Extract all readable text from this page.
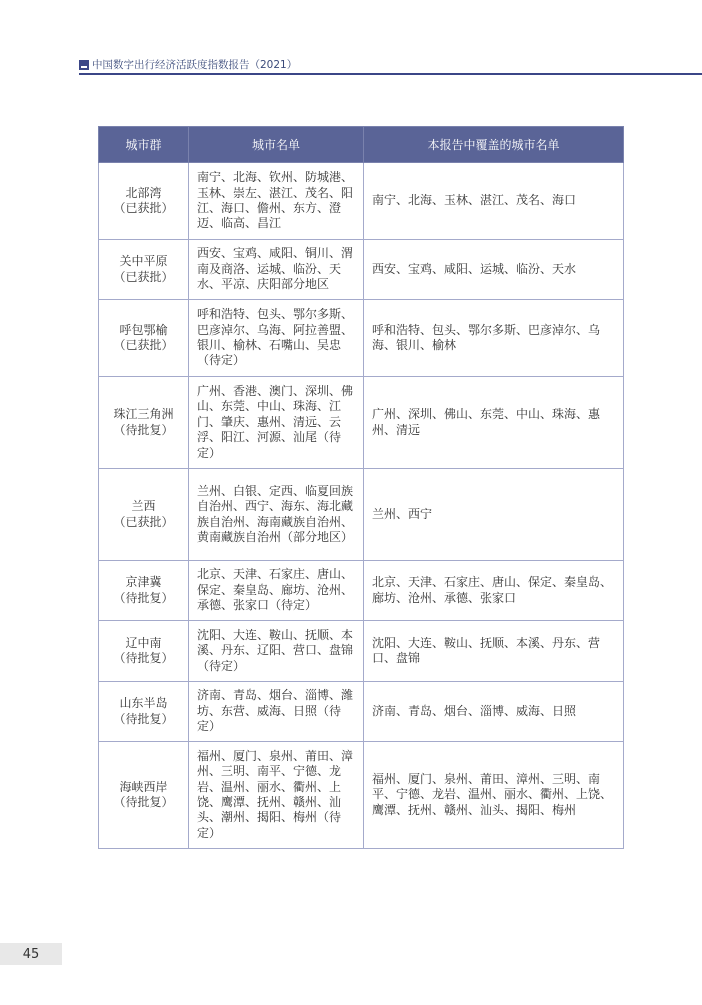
中国数字出行经济活跃度指数报告（2021）
城市群	城市名单	本报告中覆盖的城市名单

北部湾
（已获批）	南宁、北海、钦州、防城港、玉林、崇左、湛江、茂名、阳江、海口、儋州、东方、澄迈、临高、昌江	南宁、北海、玉林、湛江、茂名、海口

关中平原
（已获批）	西安、宝鸡、咸阳、铜川、渭南及商洛、运城、临汾、天水、平凉、庆阳部分地区	西安、宝鸡、咸阳、运城、临汾、天水

呼包鄂榆
（已获批）	呼和浩特、包头、鄂尔多斯、巴彦淖尔、乌海、阿拉善盟、银川、榆林、石嘴山、吴忠（待定）	呼和浩特、包头、鄂尔多斯、巴彦淖尔、乌海、银川、榆林

珠江三角洲
（待批复）	广州、香港、澳门、深圳、佛山、东莞、中山、珠海、江门、肇庆、惠州、清远、云浮、阳江、河源、汕尾（待定）	广州、深圳、佛山、东莞、中山、珠海、惠州、清远

兰西
（已获批）	兰州、白银、定西、临夏回族自治州、西宁、海东、海北藏族自治州、海南藏族自治州、黄南藏族自治州（部分地区）	兰州、西宁

京津冀
（待批复）	北京、天津、石家庄、唐山、保定、秦皇岛、廊坊、沧州、承德、张家口（待定）	北京、天津、石家庄、唐山、保定、秦皇岛、廊坊、沧州、承德、张家口

辽中南
（待批复）	沈阳、大连、鞍山、抚顺、本溪、丹东、辽阳、营口、盘锦（待定）	沈阳、大连、鞍山、抚顺、本溪、丹东、营口、盘锦

山东半岛
（待批复）	济南、青岛、烟台、淄博、潍坊、东营、威海、日照（待定）	济南、青岛、烟台、淄博、威海、日照

海峡西岸
（待批复）	福州、厦门、泉州、莆田、漳州、三明、南平、宁德、龙岩、温州、丽水、衢州、上饶、鹰潭、抚州、赣州、汕头、潮州、揭阳、梅州（待定）	福州、厦门、泉州、莆田、漳州、三明、南平、宁德、龙岩、温州、丽水、衢州、上饶、鹰潭、抚州、赣州、汕头、揭阳、梅州
45
